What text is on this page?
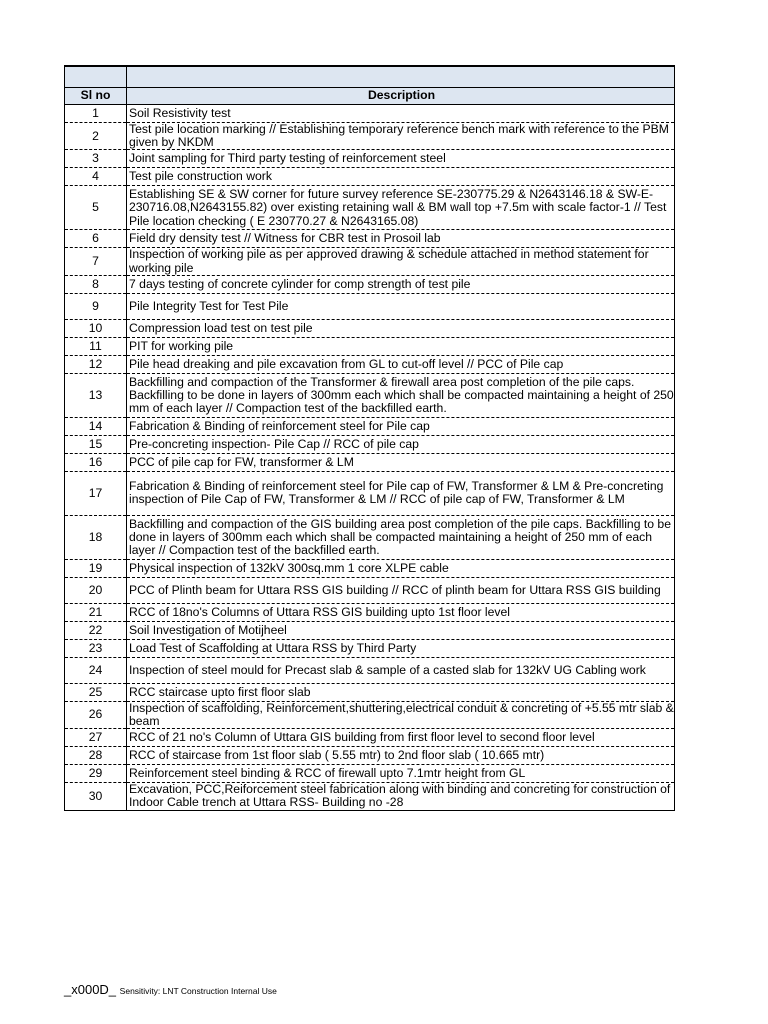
Sl no	Description
1	Soil Resistivity test
2	Test pile location marking // Establishing temporary reference bench mark with reference to the PBM given by NKDM
3	Joint sampling for Third party testing of reinforcement steel
4	Test pile construction work
5	Establishing SE & SW corner for future survey reference SE-230775.29 & N2643146.18 & SW-E-230716.08,N2643155.82) over existing retaining wall & BM wall top +7.5m with scale factor-1 // Test Pile location checking ( E 230770.27 & N2643165.08)
6	Field dry density test // Witness for CBR test in Prosoil lab
7	Inspection of working pile as per approved drawing & schedule attached in method statement for working pile
8	7 days testing of concrete cylinder for comp strength of test pile
9	Pile Integrity Test for Test Pile
10	Compression load test on test pile
11	PIT for working pile
12	Pile head dreaking and pile excavation from GL to cut-off level // PCC of Pile cap
13	Backfilling and compaction of the Transformer & firewall area post completion of the pile caps. Backfilling to be done in layers of 300mm each which shall be compacted maintaining a height of 250 mm of each layer // Compaction test of the backfilled earth.
14	Fabrication & Binding of reinforcement steel for Pile cap
15	Pre-concreting inspection- Pile Cap // RCC of pile cap
16	PCC of pile cap for FW, transformer & LM
17	Fabrication & Binding of reinforcement steel for Pile cap of FW, Transformer & LM & Pre-concreting inspection of Pile Cap of FW, Transformer & LM // RCC of pile cap of FW, Transformer & LM
18	Backfilling and compaction of the GIS building area post completion of the pile caps. Backfilling to be done in layers of 300mm each which shall be compacted maintaining a height of 250 mm of each layer // Compaction test of the backfilled earth.
19	Physical inspection of 132kV 300sq.mm 1 core XLPE cable
20	PCC of Plinth beam for Uttara RSS GIS building // RCC of plinth beam for Uttara RSS GIS building
21	RCC of 18no's Columns of Uttara RSS GIS building upto 1st floor level
22	Soil Investigation of Motijheel
23	Load Test of Scaffolding at Uttara RSS by Third Party
24	Inspection of steel mould for Precast slab & sample of a casted slab for 132kV UG Cabling work
25	RCC staircase upto first floor slab
26	Inspection of scaffolding, Reinforcement,shuttering,electrical conduit & concreting of +5.55 mtr slab & beam
27	RCC of 21 no's Column of Uttara GIS building from first floor level to second floor level
28	RCC of staircase from 1st floor slab ( 5.55 mtr) to 2nd floor slab ( 10.665 mtr)
29	Reinforcement steel binding & RCC of firewall upto 7.1mtr height from GL
30	Excavation, PCC,Reiforcement steel fabrication along with binding and concreting for construction of Indoor Cable trench at Uttara RSS- Building no -28
_x000D_ Sensitivity: LNT Construction Internal Use
